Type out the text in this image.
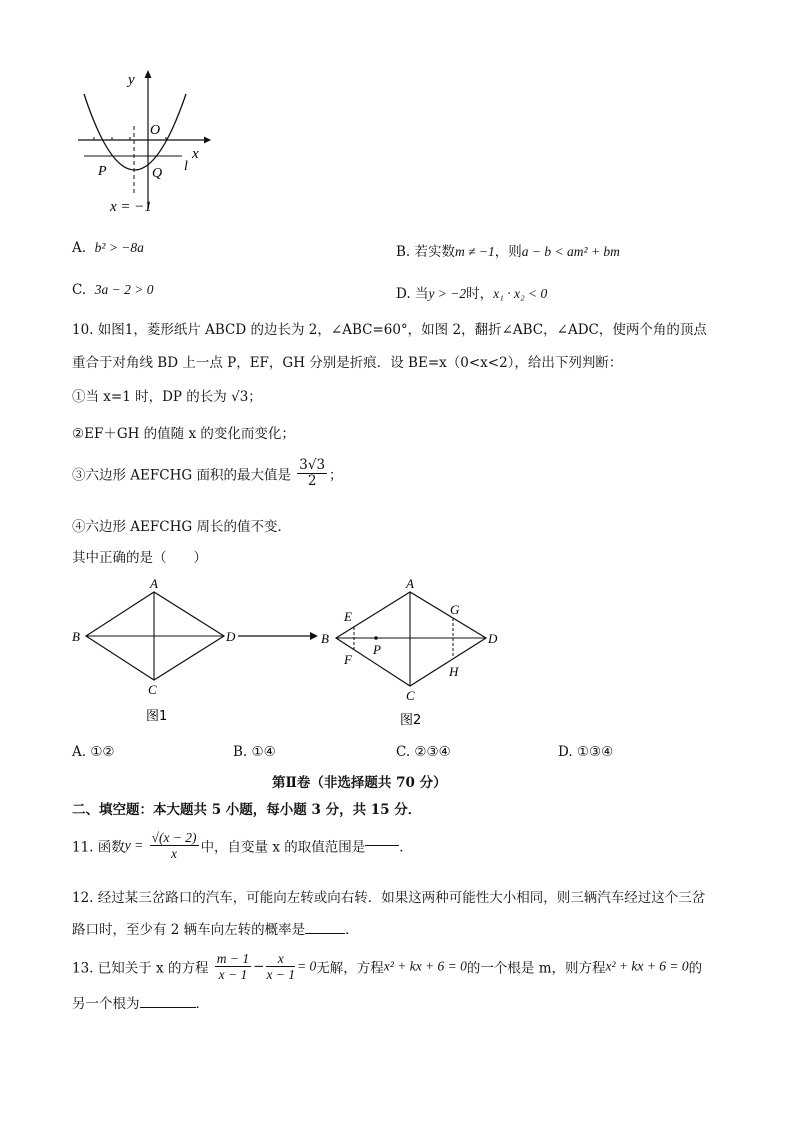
y
O
x
P	Q l
x = −1
A. b² > −8a	B. 若实数m ≠ −1，则a − b < am² + bm
C. 3a − 2 > 0	D. 当y > −2时，x₁ · x₂ < 0
10. 如图1，菱形纸片 ABCD 的边长为 2，∠ABC=60°，如图 2，翻折∠ABC，∠ADC，使两个角的顶点
重合于对角线 BD 上一点 P，EF，GH 分别是折痕．设 BE=x（0<x<2），给出下列判断：
①当 x=1 时，DP 的长为 √3；
②EF＋GH 的值随 x 的变化而变化；
③六边形 AEFCHG 面积的最大值是 $\frac{3√3}{2}$ ；
④六边形 AEFCHG 周长的值不变．
其中正确的是（　　）
A
B	D
C
图1
A
B	D
C
E
F
G
H
P
图2
A. ①②	B. ①④	C. ②③④	D. ①③④
第Ⅱ卷（非选择题共 70 分）
二、填空题：本大题共 5 小题，每小题 3 分，共 15 分．
11. 函数$y = \frac{√(x - 2)}{x}$ 中，自变量 x 的取值范围是	．
12. 经过某三岔路口的汽车，可能向左转或向右转．如果这两种可能性大小相同，则三辆汽车经过这个三岔
路口时，至少有 2 辆车向左转的概率是	．
13. 已知关于 x 的方程 $\frac{m - 1}{x - 1} - \frac{x}{x - 1} = 0$无解，方程x² + kx + 6 = 0的一个根是 m，则方程x² + kx + 6 = 0的
另一个根为	．
